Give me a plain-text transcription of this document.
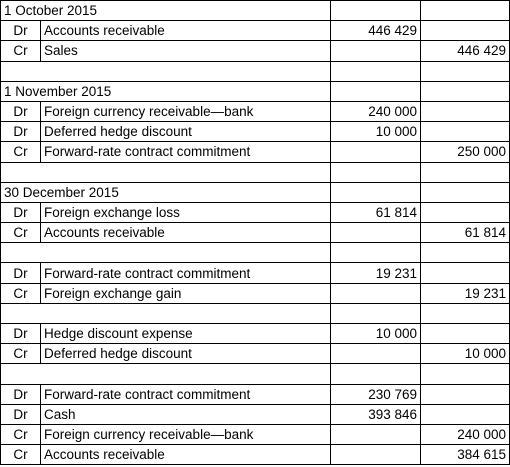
1 October 2015			
Dr	Accounts receivable	446 429	
Cr	Sales		446 429

1 November 2015			
Dr	Foreign currency receivable—bank	240 000	
Dr	Deferred hedge discount	10 000	
Cr	Forward-rate contract commitment		250 000

30 December 2015			
Dr	Foreign exchange loss	61 814	
Cr	Accounts receivable		61 814

Dr	Forward-rate contract commitment	19 231	
Cr	Foreign exchange gain		19 231

Dr	Hedge discount expense	10 000	
Cr	Deferred hedge discount		10 000

Dr	Forward-rate contract commitment	230 769	
Dr	Cash	393 846	
Cr	Foreign currency receivable—bank		240 000
Cr	Accounts receivable		384 615
